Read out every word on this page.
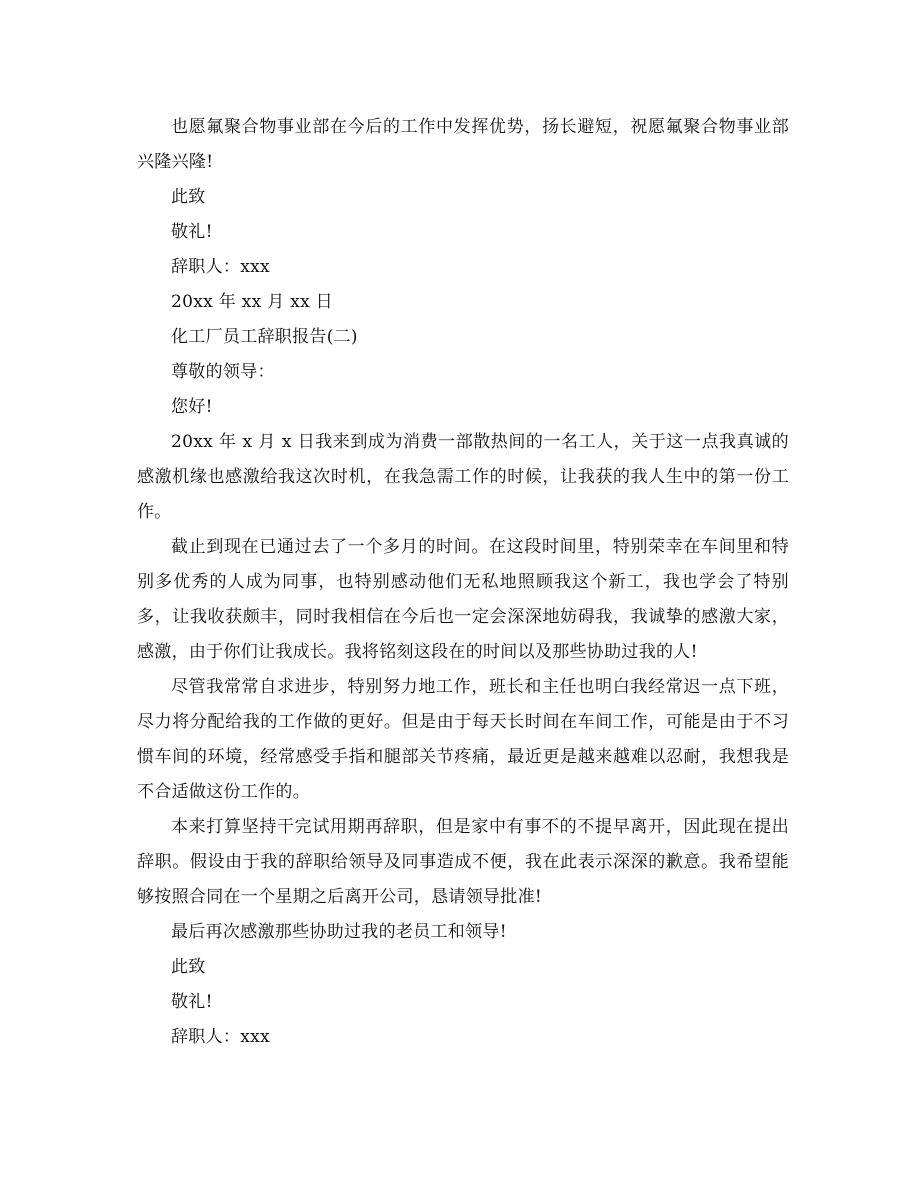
也愿氟聚合物事业部在今后的工作中发挥优势，扬长避短，祝愿氟聚合物事业部兴隆兴隆!

此致

敬礼!

辞职人：xxx

20xx 年 xx 月 xx 日

化工厂员工辞职报告(二)

尊敬的领导：

您好!

20xx 年 x 月 x 日我来到成为消费一部散热间的一名工人，关于这一点我真诚的感激机缘也感激给我这次时机，在我急需工作的时候，让我获的我人生中的第一份工作。

截止到现在已通过去了一个多月的时间。在这段时间里，特别荣幸在车间里和特别多优秀的人成为同事，也特别感动他们无私地照顾我这个新工，我也学会了特别多，让我收获颇丰，同时我相信在今后也一定会深深地妨碍我，我诚挚的感激大家，感激，由于你们让我成长。我将铭刻这段在的时间以及那些协助过我的人!

尽管我常常自求进步，特别努力地工作，班长和主任也明白我经常迟一点下班，尽力将分配给我的工作做的更好。但是由于每天长时间在车间工作，可能是由于不习惯车间的环境，经常感受手指和腿部关节疼痛，最近更是越来越难以忍耐，我想我是不合适做这份工作的。

本来打算坚持干完试用期再辞职，但是家中有事不的不提早离开，因此现在提出辞职。假设由于我的辞职给领导及同事造成不便，我在此表示深深的歉意。我希望能够按照合同在一个星期之后离开公司，恳请领导批准!

最后再次感激那些协助过我的老员工和领导!

此致

敬礼!

辞职人：xxx
